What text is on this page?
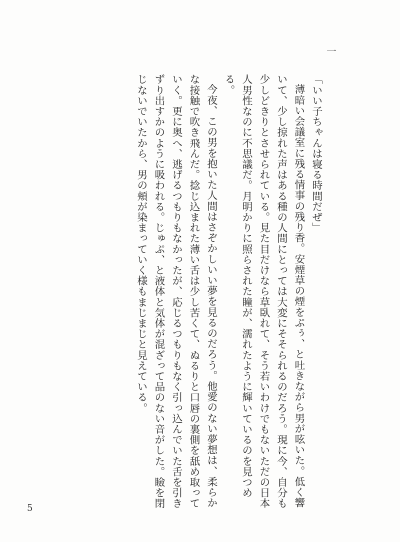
一

「いい子ちゃんは寝る時間だぜ」

薄暗い会議室に残る情事の残り香。安煙草の煙をぷぅ、と吐きながら男が呟いた。低く響いて、少し掠れた声はある種の人間にとっては大変にそそられるのだろう。現に今、自分も少しどきりとさせられている。見た目だけなら草臥れて、そう若いわけでもないただの日本人男性なのに不思議だ。月明かりに照らされた瞳が、濡れたように輝いているのを見つめる。

今夜、この男を抱いた人間はさぞかしいい夢を見るのだろう。他愛のない夢想は、柔らかな接触で吹き飛んだ。捻じ込まれた薄い舌は少し苦くて、ぬるりと口唇の裏側を舐め取っていく。更に奥へ、逃げるつもりもなかったが、応じるつもりもなく引っ込んでいた舌を引きずり出すかのように吸われる。じゅぷ、と液体と気体が混ざって品のない音がした。瞼を閉じないでいたから、男の頬が染まっていく様もまじまじと見えている。

5
